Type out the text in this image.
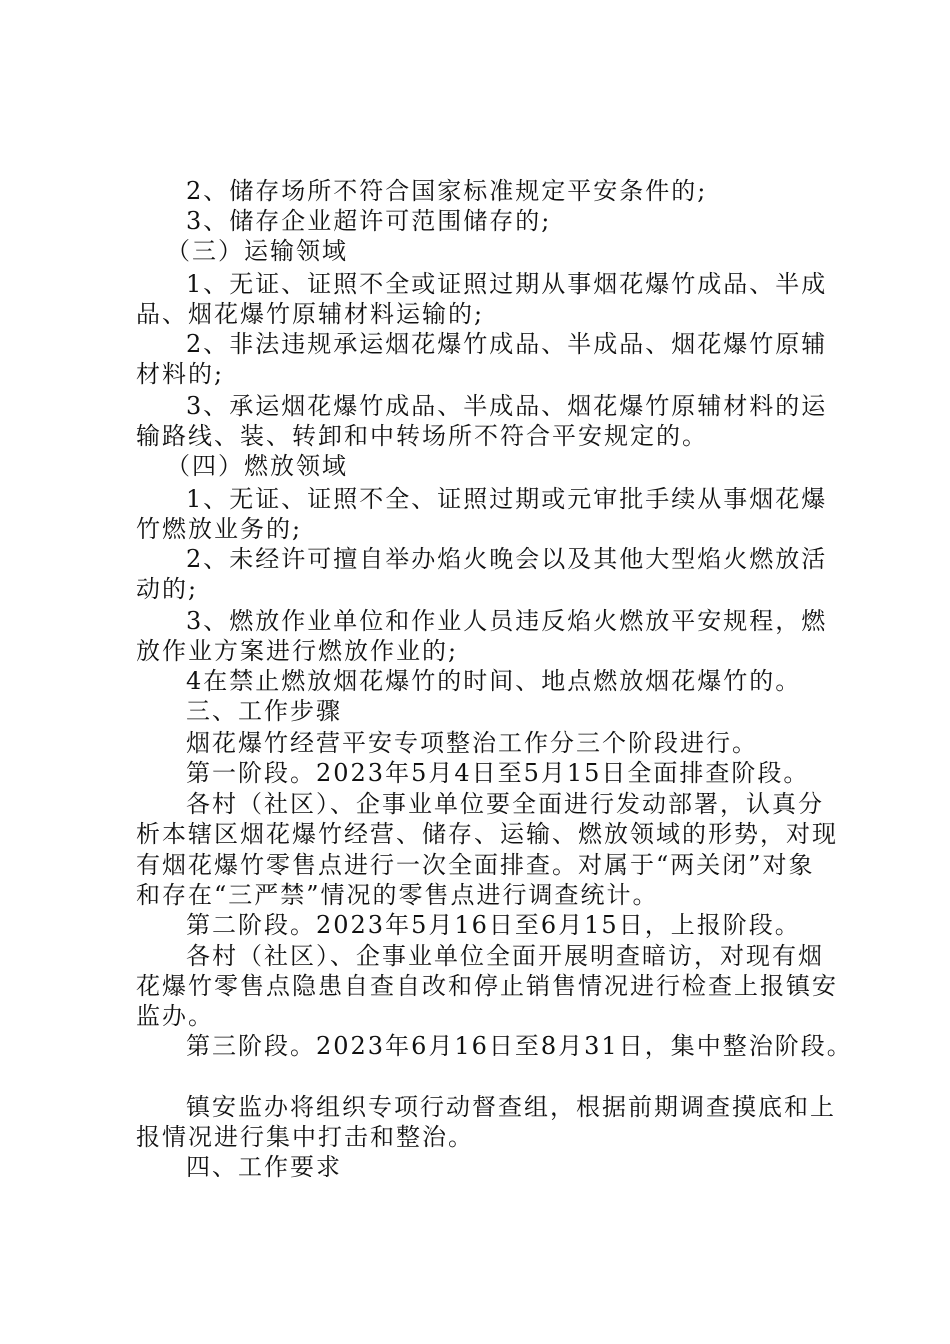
2、储存场所不符合国家标准规定平安条件的;

3、储存企业超许可范围储存的;

（三）运输领域

1、无证、证照不全或证照过期从事烟花爆竹成品、半成

品、烟花爆竹原辅材料运输的;

2、非法违规承运烟花爆竹成品、半成品、烟花爆竹原辅

材料的;

3、承运烟花爆竹成品、半成品、烟花爆竹原辅材料的运

输路线、装、转卸和中转场所不符合平安规定的。

（四）燃放领域

1、无证、证照不全、证照过期或元审批手续从事烟花爆

竹燃放业务的;

2、未经许可擅自举办焰火晚会以及其他大型焰火燃放活

动的;

3、燃放作业单位和作业人员违反焰火燃放平安规程，燃

放作业方案进行燃放作业的;

4在禁止燃放烟花爆竹的时间、地点燃放烟花爆竹的。

三、工作步骤

烟花爆竹经营平安专项整治工作分三个阶段进行。

第一阶段。2023年5月4日至5月15日全面排查阶段。

各村（社区）、企事业单位要全面进行发动部署，认真分

析本辖区烟花爆竹经营、储存、运输、燃放领域的形势，对现

有烟花爆竹零售点进行一次全面排查。对属于“两关闭”对象

和存在“三严禁”情况的零售点进行调查统计。

第二阶段。2023年5月16日至6月15日，上报阶段。

各村（社区）、企事业单位全面开展明查暗访，对现有烟

花爆竹零售点隐患自查自改和停止销售情况进行检查上报镇安

监办。

第三阶段。2023年6月16日至8月31日，集中整治阶段。

镇安监办将组织专项行动督查组，根据前期调查摸底和上

报情况进行集中打击和整治。

四、工作要求
